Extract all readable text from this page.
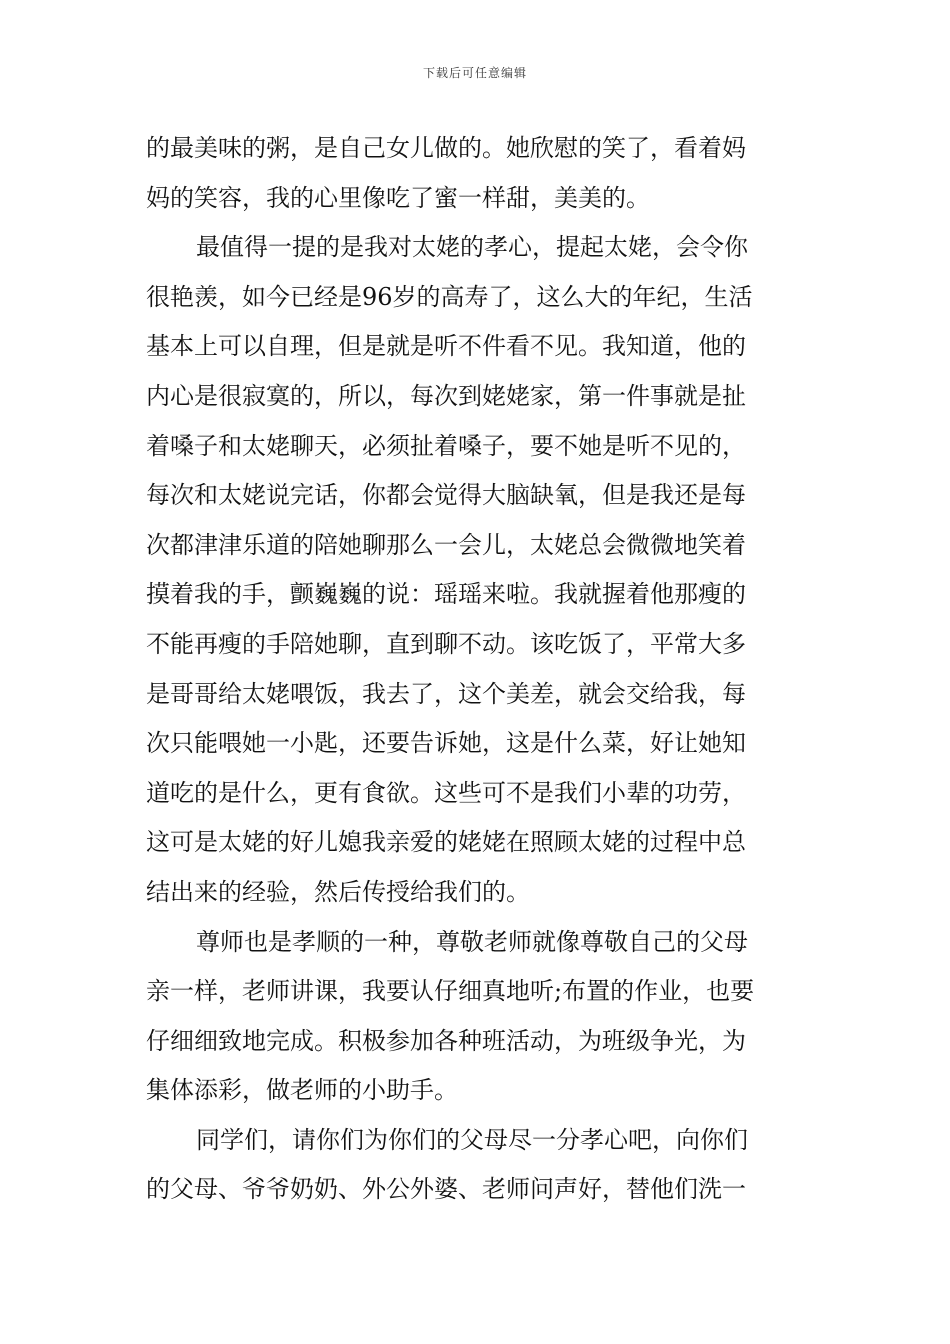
下载后可任意编辑
的最美味的粥，是自己女儿做的。她欣慰的笑了，看着妈
妈的笑容，我的心里像吃了蜜一样甜，美美的。
最值得一提的是我对太姥的孝心，提起太姥，会令你
很艳羡，如今已经是96岁的高寿了，这么大的年纪，生活
基本上可以自理，但是就是听不件看不见。我知道，他的
内心是很寂寞的，所以，每次到姥姥家，第一件事就是扯
着嗓子和太姥聊天，必须扯着嗓子，要不她是听不见的，
每次和太姥说完话，你都会觉得大脑缺氧，但是我还是每
次都津津乐道的陪她聊那么一会儿，太姥总会微微地笑着
摸着我的手，颤巍巍的说：瑶瑶来啦。我就握着他那瘦的
不能再瘦的手陪她聊，直到聊不动。该吃饭了，平常大多
是哥哥给太姥喂饭，我去了，这个美差，就会交给我，每
次只能喂她一小匙，还要告诉她，这是什么菜，好让她知
道吃的是什么，更有食欲。这些可不是我们小辈的功劳，
这可是太姥的好儿媳我亲爱的姥姥在照顾太姥的过程中总
结出来的经验，然后传授给我们的。
尊师也是孝顺的一种，尊敬老师就像尊敬自己的父母
亲一样，老师讲课，我要认仔细真地听;布置的作业，也要
仔细细致地完成。积极参加各种班活动，为班级争光，为
集体添彩，做老师的小助手。
同学们，请你们为你们的父母尽一分孝心吧，向你们
的父母、爷爷奶奶、外公外婆、老师问声好，替他们洗一
